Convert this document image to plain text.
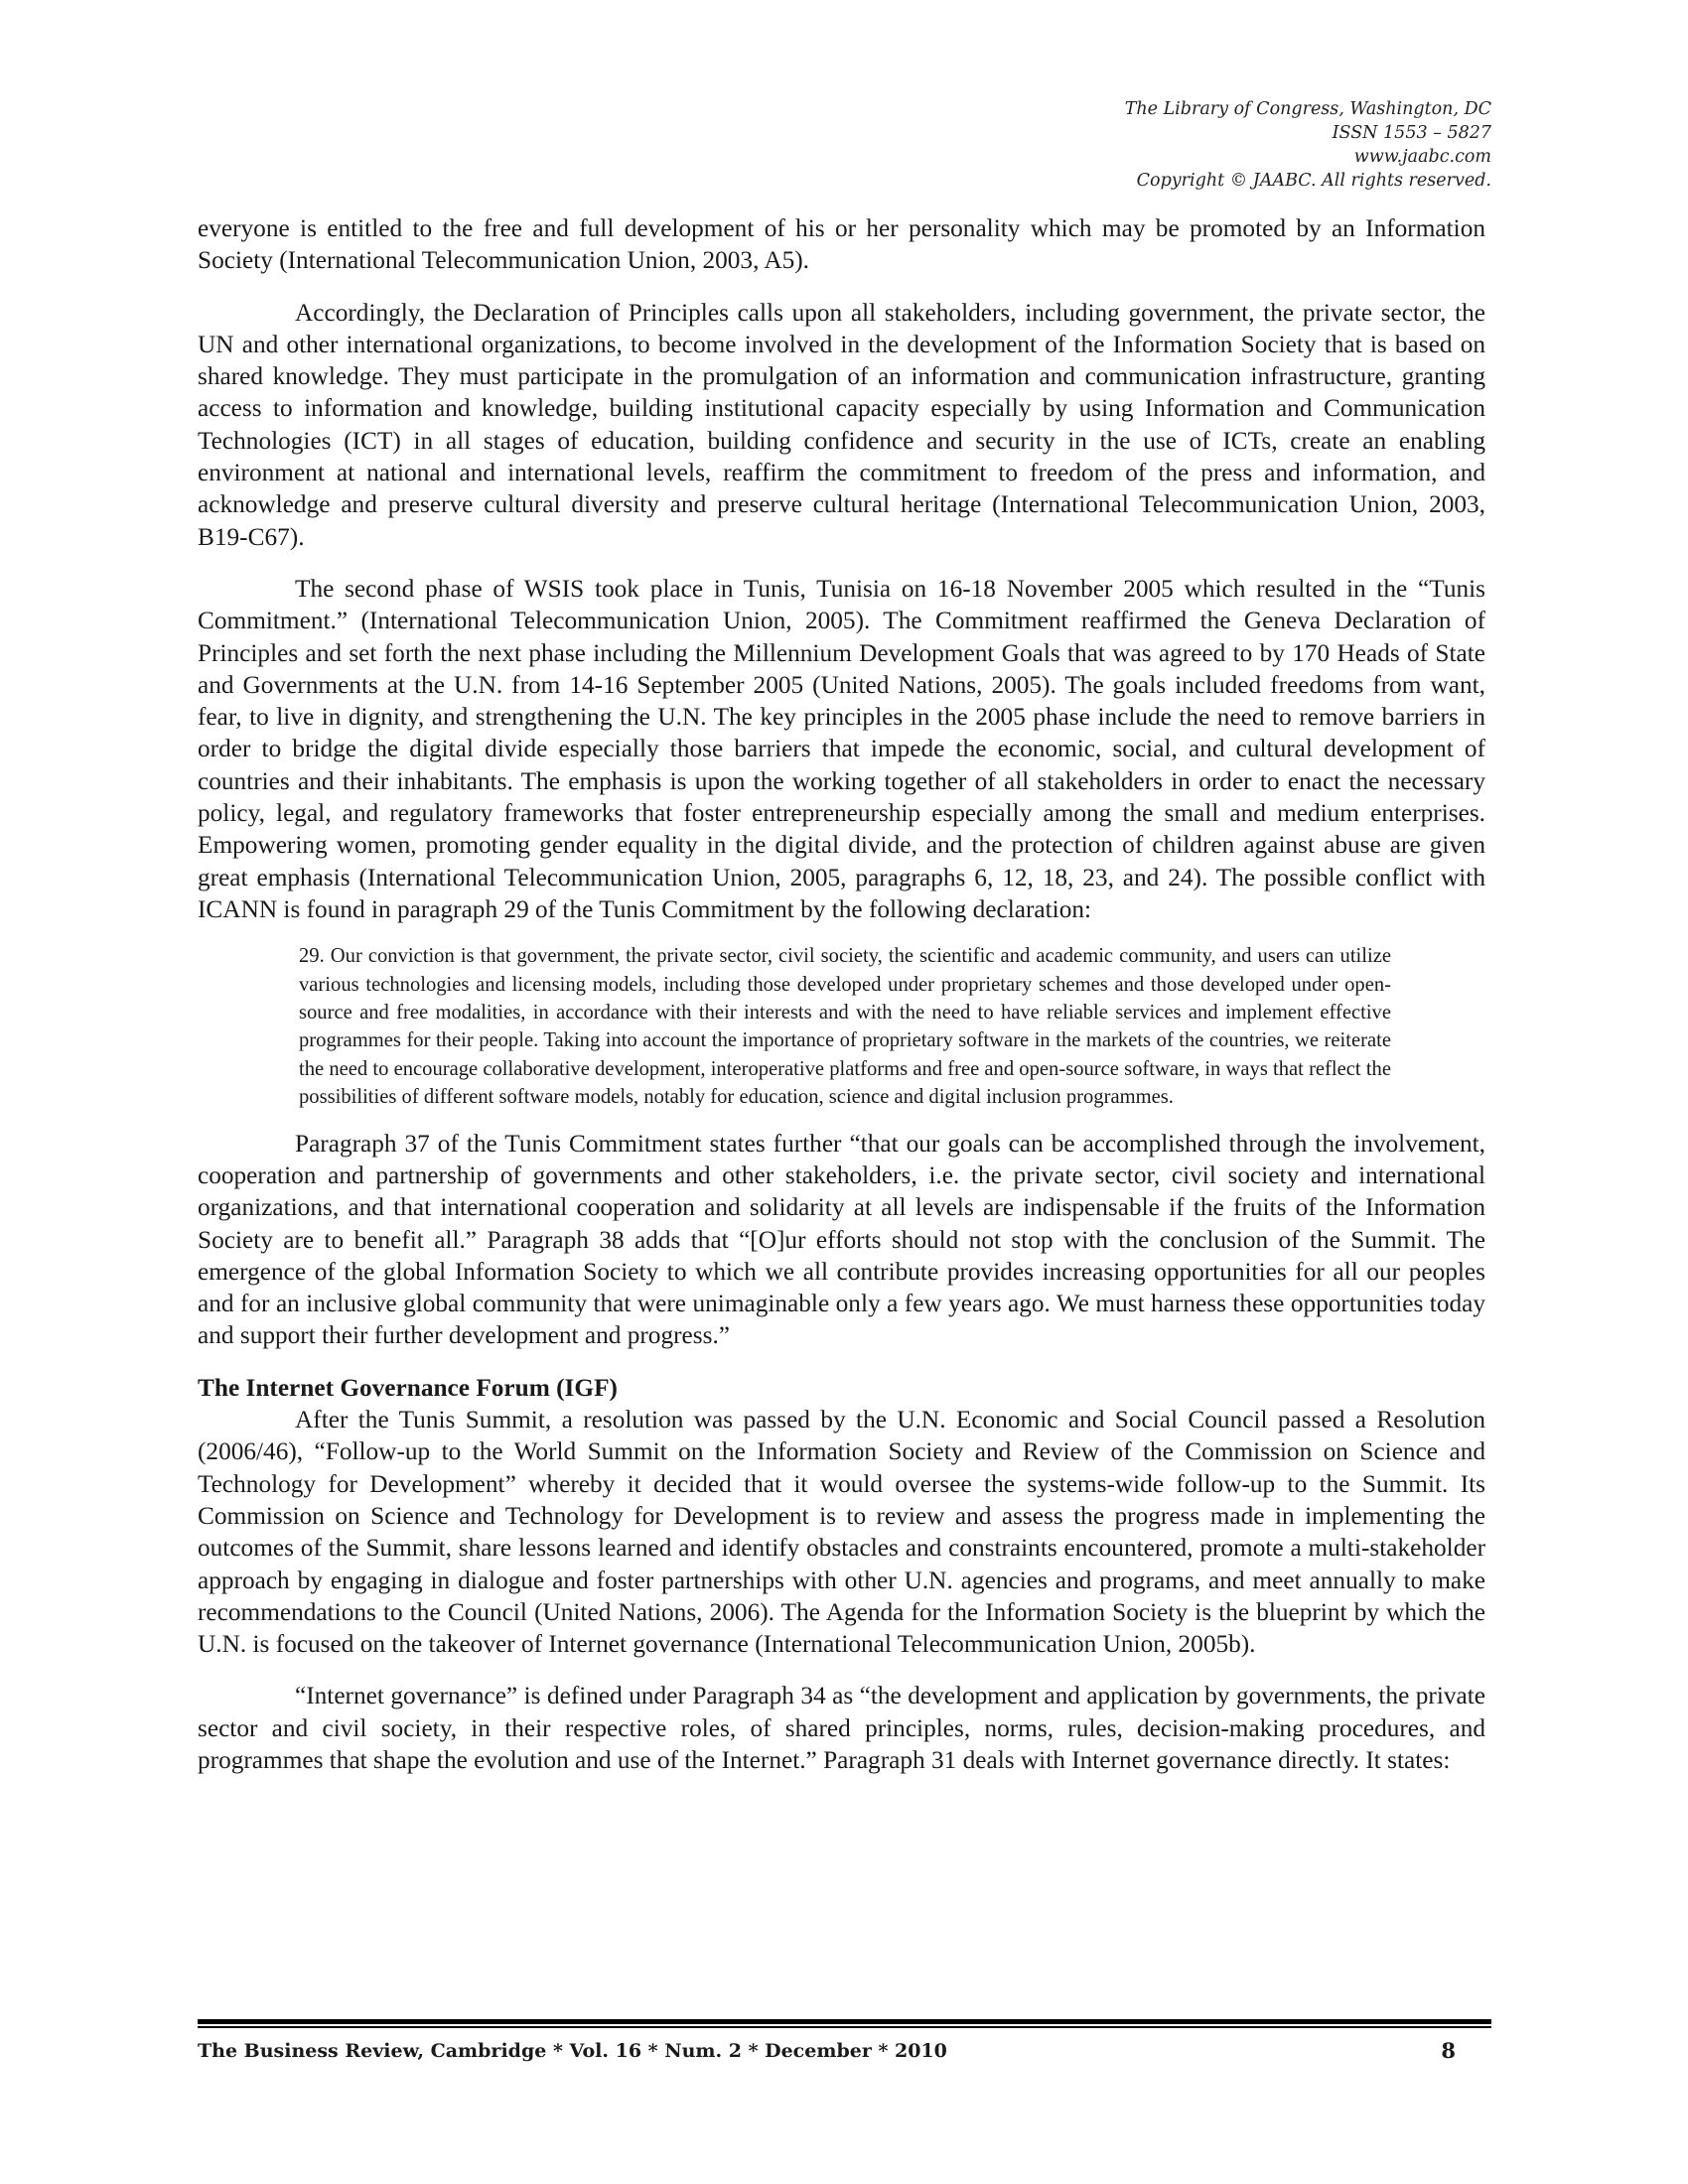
The Library of Congress, Washington, DC
ISSN 1553 – 5827
www.jaabc.com
Copyright © JAABC. All rights reserved.

everyone is entitled to the free and full development of his or her personality which may be promoted by an Information Society (International Telecommunication Union, 2003, A5).

Accordingly, the Declaration of Principles calls upon all stakeholders, including government, the private sector, the UN and other international organizations, to become involved in the development of the Information Society that is based on shared knowledge. They must participate in the promulgation of an information and communication infrastructure, granting access to information and knowledge, building institutional capacity especially by using Information and Communication Technologies (ICT) in all stages of education, building confidence and security in the use of ICTs, create an enabling environment at national and international levels, reaffirm the commitment to freedom of the press and information, and acknowledge and preserve cultural diversity and preserve cultural heritage (International Telecommunication Union, 2003, B19-C67).

The second phase of WSIS took place in Tunis, Tunisia on 16-18 November 2005 which resulted in the “Tunis Commitment.” (International Telecommunication Union, 2005). The Commitment reaffirmed the Geneva Declaration of Principles and set forth the next phase including the Millennium Development Goals that was agreed to by 170 Heads of State and Governments at the U.N. from 14-16 September 2005 (United Nations, 2005). The goals included freedoms from want, fear, to live in dignity, and strengthening the U.N. The key principles in the 2005 phase include the need to remove barriers in order to bridge the digital divide especially those barriers that impede the economic, social, and cultural development of countries and their inhabitants. The emphasis is upon the working together of all stakeholders in order to enact the necessary policy, legal, and regulatory frameworks that foster entrepreneurship especially among the small and medium enterprises. Empowering women, promoting gender equality in the digital divide, and the protection of children against abuse are given great emphasis (International Telecommunication Union, 2005, paragraphs 6, 12, 18, 23, and 24). The possible conflict with ICANN is found in paragraph 29 of the Tunis Commitment by the following declaration:

29. Our conviction is that government, the private sector, civil society, the scientific and academic community, and users can utilize various technologies and licensing models, including those developed under proprietary schemes and those developed under open-source and free modalities, in accordance with their interests and with the need to have reliable services and implement effective programmes for their people. Taking into account the importance of proprietary software in the markets of the countries, we reiterate the need to encourage collaborative development, interoperative platforms and free and open-source software, in ways that reflect the possibilities of different software models, notably for education, science and digital inclusion programmes.

Paragraph 37 of the Tunis Commitment states further “that our goals can be accomplished through the involvement, cooperation and partnership of governments and other stakeholders, i.e. the private sector, civil society and international organizations, and that international cooperation and solidarity at all levels are indispensable if the fruits of the Information Society are to benefit all.” Paragraph 38 adds that “[O]ur efforts should not stop with the conclusion of the Summit. The emergence of the global Information Society to which we all contribute provides increasing opportunities for all our peoples and for an inclusive global community that were unimaginable only a few years ago. We must harness these opportunities today and support their further development and progress.”

The Internet Governance Forum (IGF)

After the Tunis Summit, a resolution was passed by the U.N. Economic and Social Council passed a Resolution (2006/46), “Follow-up to the World Summit on the Information Society and Review of the Commission on Science and Technology for Development” whereby it decided that it would oversee the systems-wide follow-up to the Summit. Its Commission on Science and Technology for Development is to review and assess the progress made in implementing the outcomes of the Summit, share lessons learned and identify obstacles and constraints encountered, promote a multi-stakeholder approach by engaging in dialogue and foster partnerships with other U.N. agencies and programs, and meet annually to make recommendations to the Council (United Nations, 2006). The Agenda for the Information Society is the blueprint by which the U.N. is focused on the takeover of Internet governance (International Telecommunication Union, 2005b).

“Internet governance” is defined under Paragraph 34 as “the development and application by governments, the private sector and civil society, in their respective roles, of shared principles, norms, rules, decision-making procedures, and programmes that shape the evolution and use of the Internet.” Paragraph 31 deals with Internet governance directly. It states:

The Business Review, Cambridge * Vol. 16 * Num. 2 * December * 2010	8
